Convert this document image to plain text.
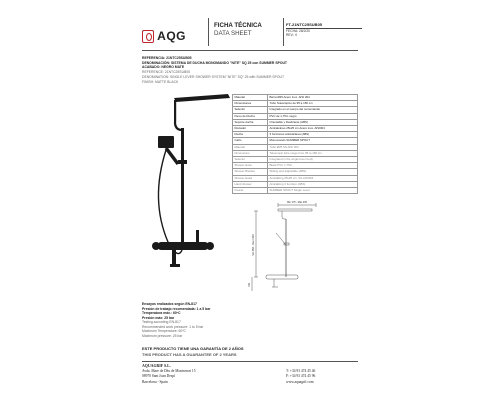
AQG
FICHA TÉCNICA
DATA SHEET
FT-21NTC25SUB05
FECHA: 28/2/20
REV.: 0
REFERENCIA: 21NTC25SUB05
DENOMINACIÓN: SISTEMA DE DUCHA MONOMANDO "NITE" SQ 25 con SUMMER SPOUT
ACABADO: NEGRO MATE
REFERENCE: 21NTC25SUB05
DENOMINATION: SINGLE LEVER SHOWER SYSTEM "NITE" SQ" 25 with SUMMER SPOUT
FINISH: MATTE BLACK
Material	Barra Ø25 Acero inox. AISI 304
Dimensiones	Tubo Telescópico de 95 a 150 cm
Selector	Integrado en el cuerpo del monomando
Flexo de Ducha	PVC de 1,75m negro
Soporte ducha	Orientable y Deslizante (ABS)
Rociador	Anticalcáreo 25x25 cm Acero inox. AISI304
Ducha	3 funciones anticalcárea (ABS)
Caño	Monomando SUMMER SPOUT
Material	Tube Ø25 SS AISI 304
Dimensions	Telescopic tube range from 95 to 150 cm
Selector	Integrated in the single lever body
Shower Hose	Black PVC 1,75m
Shower Bracket	Sliding and adjustable (ABS)
Shower Head	Anticalking 25x25 cm, SS AISI304
Hand shower	Anticalking 3 function (ABS)
Faucet	SUMMER SPOUT Single Lever
Min 275 - Max 295
Min 950 - Max 1500
150
Ensayos realizados según EN-817
Presión de trabajo recomendada: 1 a 5 bar
Temperatura máx.: 60ºC
Presión máx: 25 bar
Testing according EN-817
Recommended work pressure: 1 to 5 bar
Maximum Temperature: 60ºC
Maximum pressure: 25 bar
ESTE PRODUCTO TIENE UNA GARANTÍA DE 2 AÑOS
THIS PRODUCT HAS A GUARANTEE OF 2 YEARS
AQUAGRIF S.L.
Avda. Mare de Déu de Montserrat 15
08970 Sant Joan Despí
Barcelona - Spain
T: +34 93 474 45 46
F: +34 93 474 45 96
www.aquagrif.com
